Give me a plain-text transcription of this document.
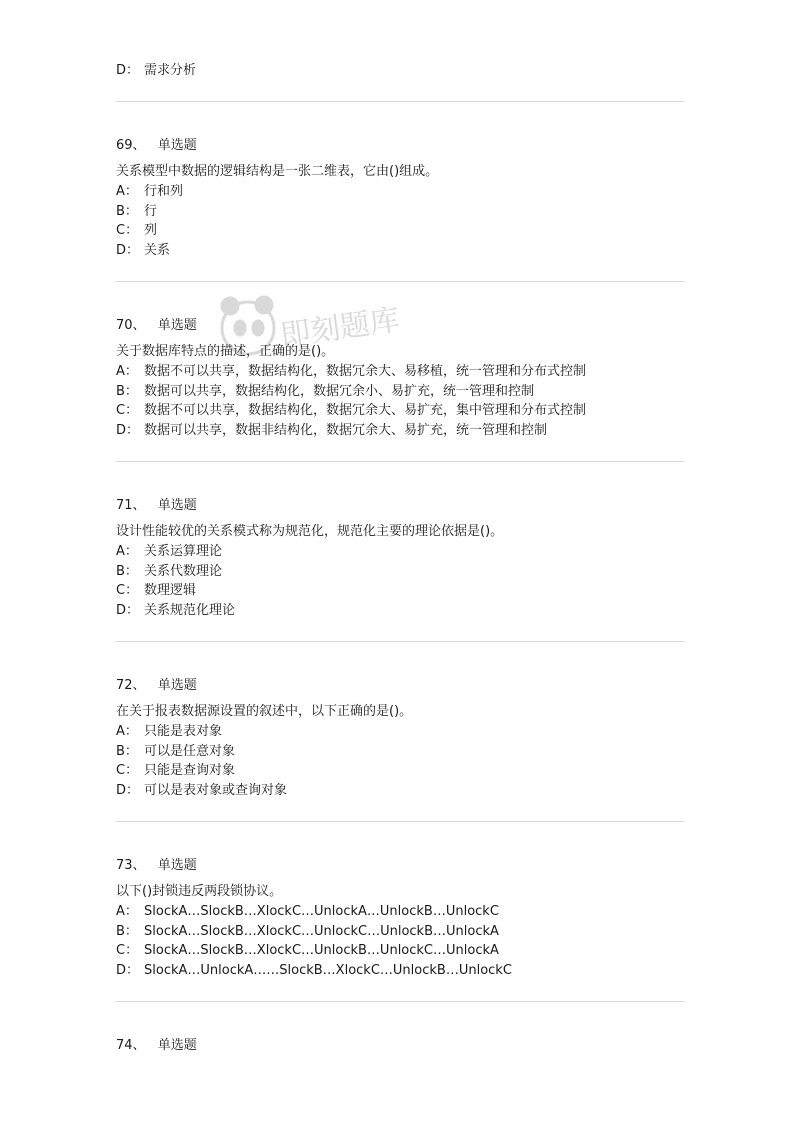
D： 需求分析
69、 单选题
关系模型中数据的逻辑结构是一张二维表，它由()组成。
A： 行和列
B： 行
C： 列
D： 关系
70、 单选题
关于数据库特点的描述，正确的是()。
A： 数据不可以共享，数据结构化，数据冗余大、易移植，统一管理和分布式控制
B： 数据可以共享，数据结构化，数据冗余小、易扩充，统一管理和控制
C： 数据不可以共享，数据结构化，数据冗余大、易扩充，集中管理和分布式控制
D： 数据可以共享，数据非结构化，数据冗余大、易扩充，统一管理和控制
71、 单选题
设计性能较优的关系模式称为规范化，规范化主要的理论依据是()。
A： 关系运算理论
B： 关系代数理论
C： 数理逻辑
D： 关系规范化理论
72、 单选题
在关于报表数据源设置的叙述中，以下正确的是()。
A： 只能是表对象
B： 可以是任意对象
C： 只能是查询对象
D： 可以是表对象或查询对象
73、 单选题
以下()封锁违反两段锁协议。
A： SlockA…SlockB…XlockC…UnlockA…UnlockB…UnlockC
B： SlockA…SlockB…XlockC…UnlockC…UnlockB…UnlockA
C： SlockA…SlockB…XlockC…UnlockB…UnlockC…UnlockA
D： SlockA…UnlockA……SlockB…XlockC…UnlockB…UnlockC
74、 单选题
即刻题库
